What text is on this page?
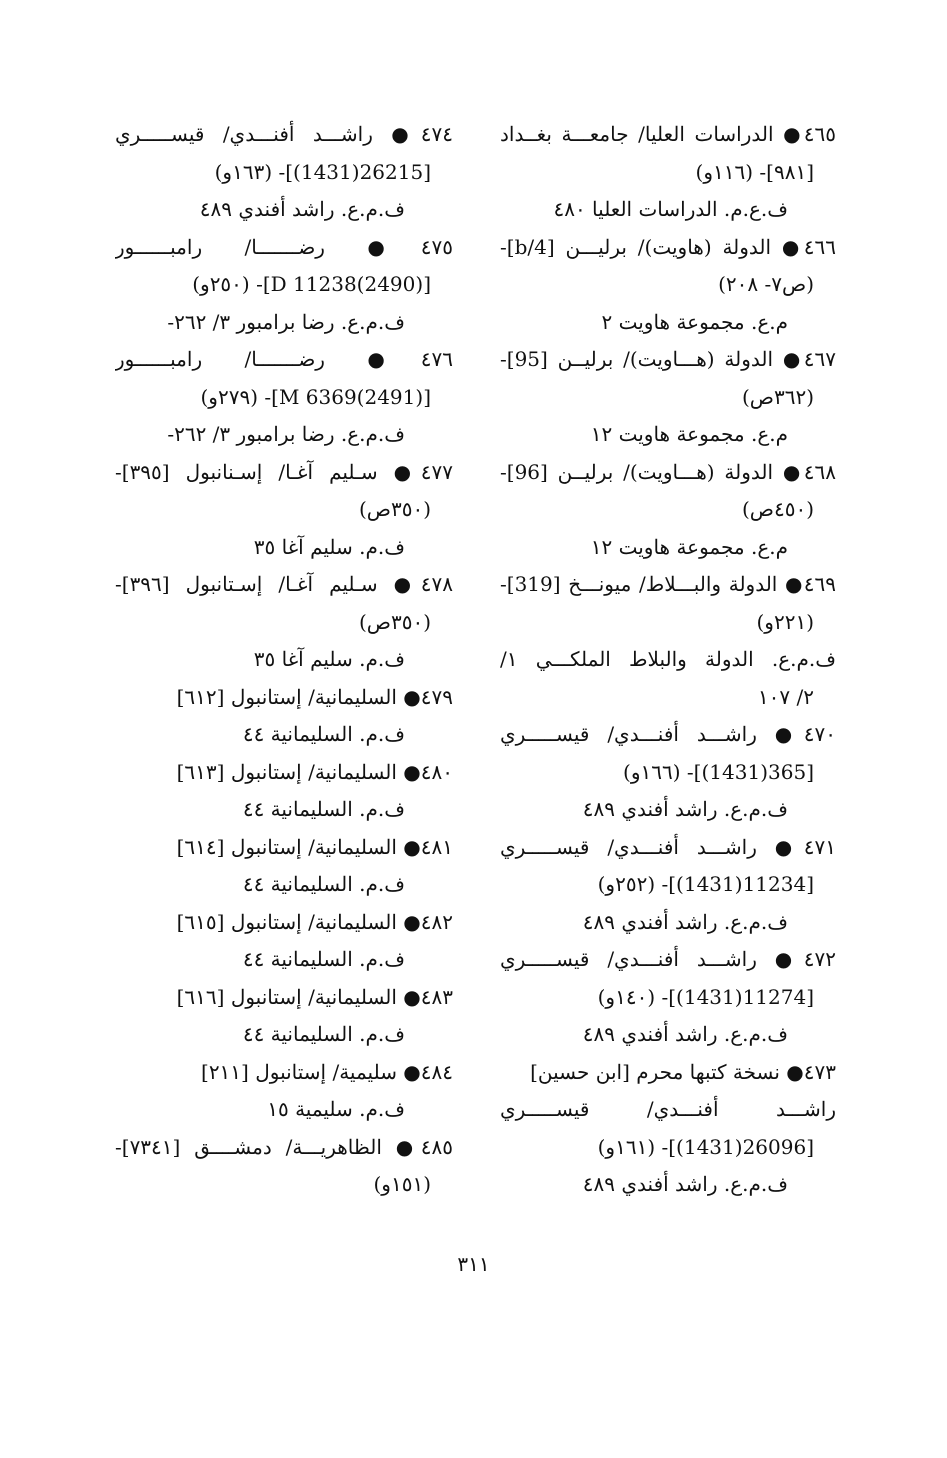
٤٦٥● الدراسات العليا/ جامعـــة بغــداد
[٩٨١]- (١١٦و)
ف.ع.م. الدراسات العليا ٤٨٠
٤٦٦● الدولة (هاويت)/ برليـــن [4/b]-
(ص٧- ٢٠٨)
م.ع. مجموعة هاويت ٢
٤٦٧● الدولة (هـــاويت)/ برليــن [95]-
(٣٦٢ص)
م.ع. مجموعة هاويت ١٢
٤٦٨● الدولة (هـــاويت)/ برليــن [96]-
(٤٥٠ص)
م.ع. مجموعة هاويت ١٢
٤٦٩● الدولة والبـــلاط/ ميونـــخ [319]-
(٢٢١و)
ف.م.ع. الدولة والبلاط الملكـــي ١/
٢/ ١٠٧
٤٧٠● راشـــد أفنـــدي/ قيســـــري
[365(1431)]- (١٦٦و)
ف.م.ع. راشد أفندي ٤٨٩
٤٧١● راشـــد أفنـــدي/ قيســـــري
[11234(1431)]- (٢٥٢و)
ف.م.ع. راشد أفندي ٤٨٩
٤٧٢● راشـــد أفنـــدي/ قيســـــري
[11274(1431)]- (١٤٠و)
ف.م.ع. راشد أفندي ٤٨٩
٤٧٣● نسخة كتبها محرم [ابن حسين]
راشـــد أفنـــدي/ قيســـــري
[26096(1431)]- (١٦١و)
ف.م.ع. راشد أفندي ٤٨٩
٤٧٤● راشـــد أفنـــدي/ قيســـــري
[26215(1431)]- (١٦٣و)
ف.م.ع. راشد أفندي ٤٨٩
٤٧٥● رضـــــــا/ رامبــــــور
[D 11238(2490)]- (٢٥٠و)
ف.م.ع. رضا برامبور ٣/ ٢٦٢-
٤٧٦● رضـــــــا/ رامبــــــور
[M 6369(2491)]- (٢٧٩و)
ف.م.ع. رضا برامبور ٣/ ٢٦٢-
٤٧٧● سـليم آغـا/ إسـنانبول [٣٩٥]-
(٣٥٠ص)
ف.م. سليم آغا ٣٥
٤٧٨● سـليم آغـا/ إسـتانبول [٣٩٦]-
(٣٥٠ص)
ف.م. سليم آغا ٣٥
٤٧٩● السليمانية/ إستانبول [٦١٢]
ف.م. السليمانية ٤٤
٤٨٠● السليمانية/ إستانبول [٦١٣]
ف.م. السليمانية ٤٤
٤٨١● السليمانية/ إستانبول [٦١٤]
ف.م. السليمانية ٤٤
٤٨٢● السليمانية/ إستانبول [٦١٥]
ف.م. السليمانية ٤٤
٤٨٣● السليمانية/ إستانبول [٦١٦]
ف.م. السليمانية ٤٤
٤٨٤● سليمية/ إستانبول [٢١١]
ف.م. سليمية ١٥
٤٨٥● الظاهريـــة/ دمشــــق [٧٣٤١]-
(١٥١و)
٣١١
